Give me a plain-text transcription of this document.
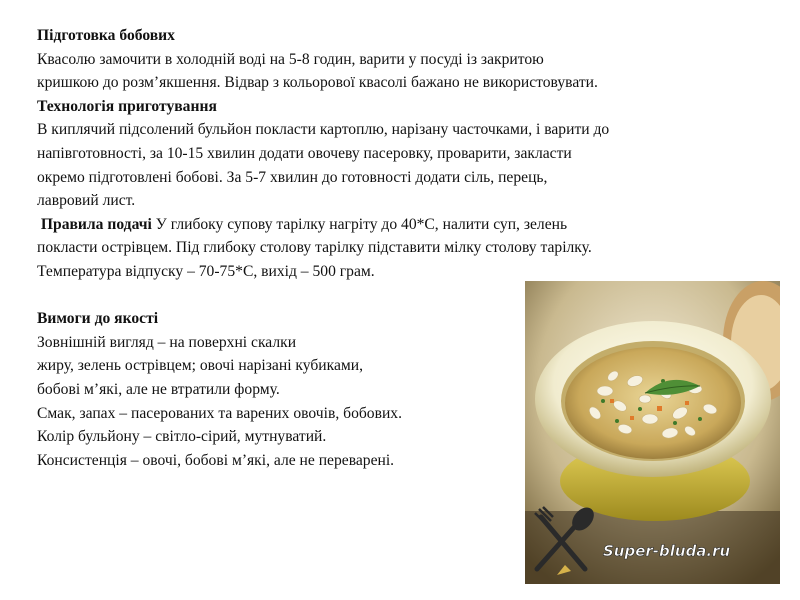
Підготовка бобових
Квасолю замочити в холодній воді на 5-8 годин, варити у посуді із закритою
кришкою до розм’якшення. Відвар з кольорової квасолі бажано не використовувати.
Технологія приготування
В киплячий підсолений бульйон покласти картоплю, нарізану часточками, і варити до
напівготовності, за 10-15 хвилин додати овочеву пасеровку, проварити, закласти
окремо підготовлені бобові. За 5-7 хвилин до готовності додати сіль, перець,
лавровий лист.
Правила подачі У глибоку супову тарілку нагріту до 40*С, налити суп, зелень
покласти острівцем. Під глибоку столову тарілку підставити мілку столову тарілку.
Температура відпуску – 70-75*С, вихід – 500 грам.
Вимоги до якості
Зовнішній вигляд – на поверхні скалки
жиру, зелень острівцем; овочі нарізані кубиками,
бобові м’які, але не втратили форму.
Смак, запах – пасерованих та варених овочів, бобових.
Колір бульйону – світло-сірий, мутнуватий.
Консистенція – овочі, бобові м’які, але не переварені.
Super-bluda.ru
